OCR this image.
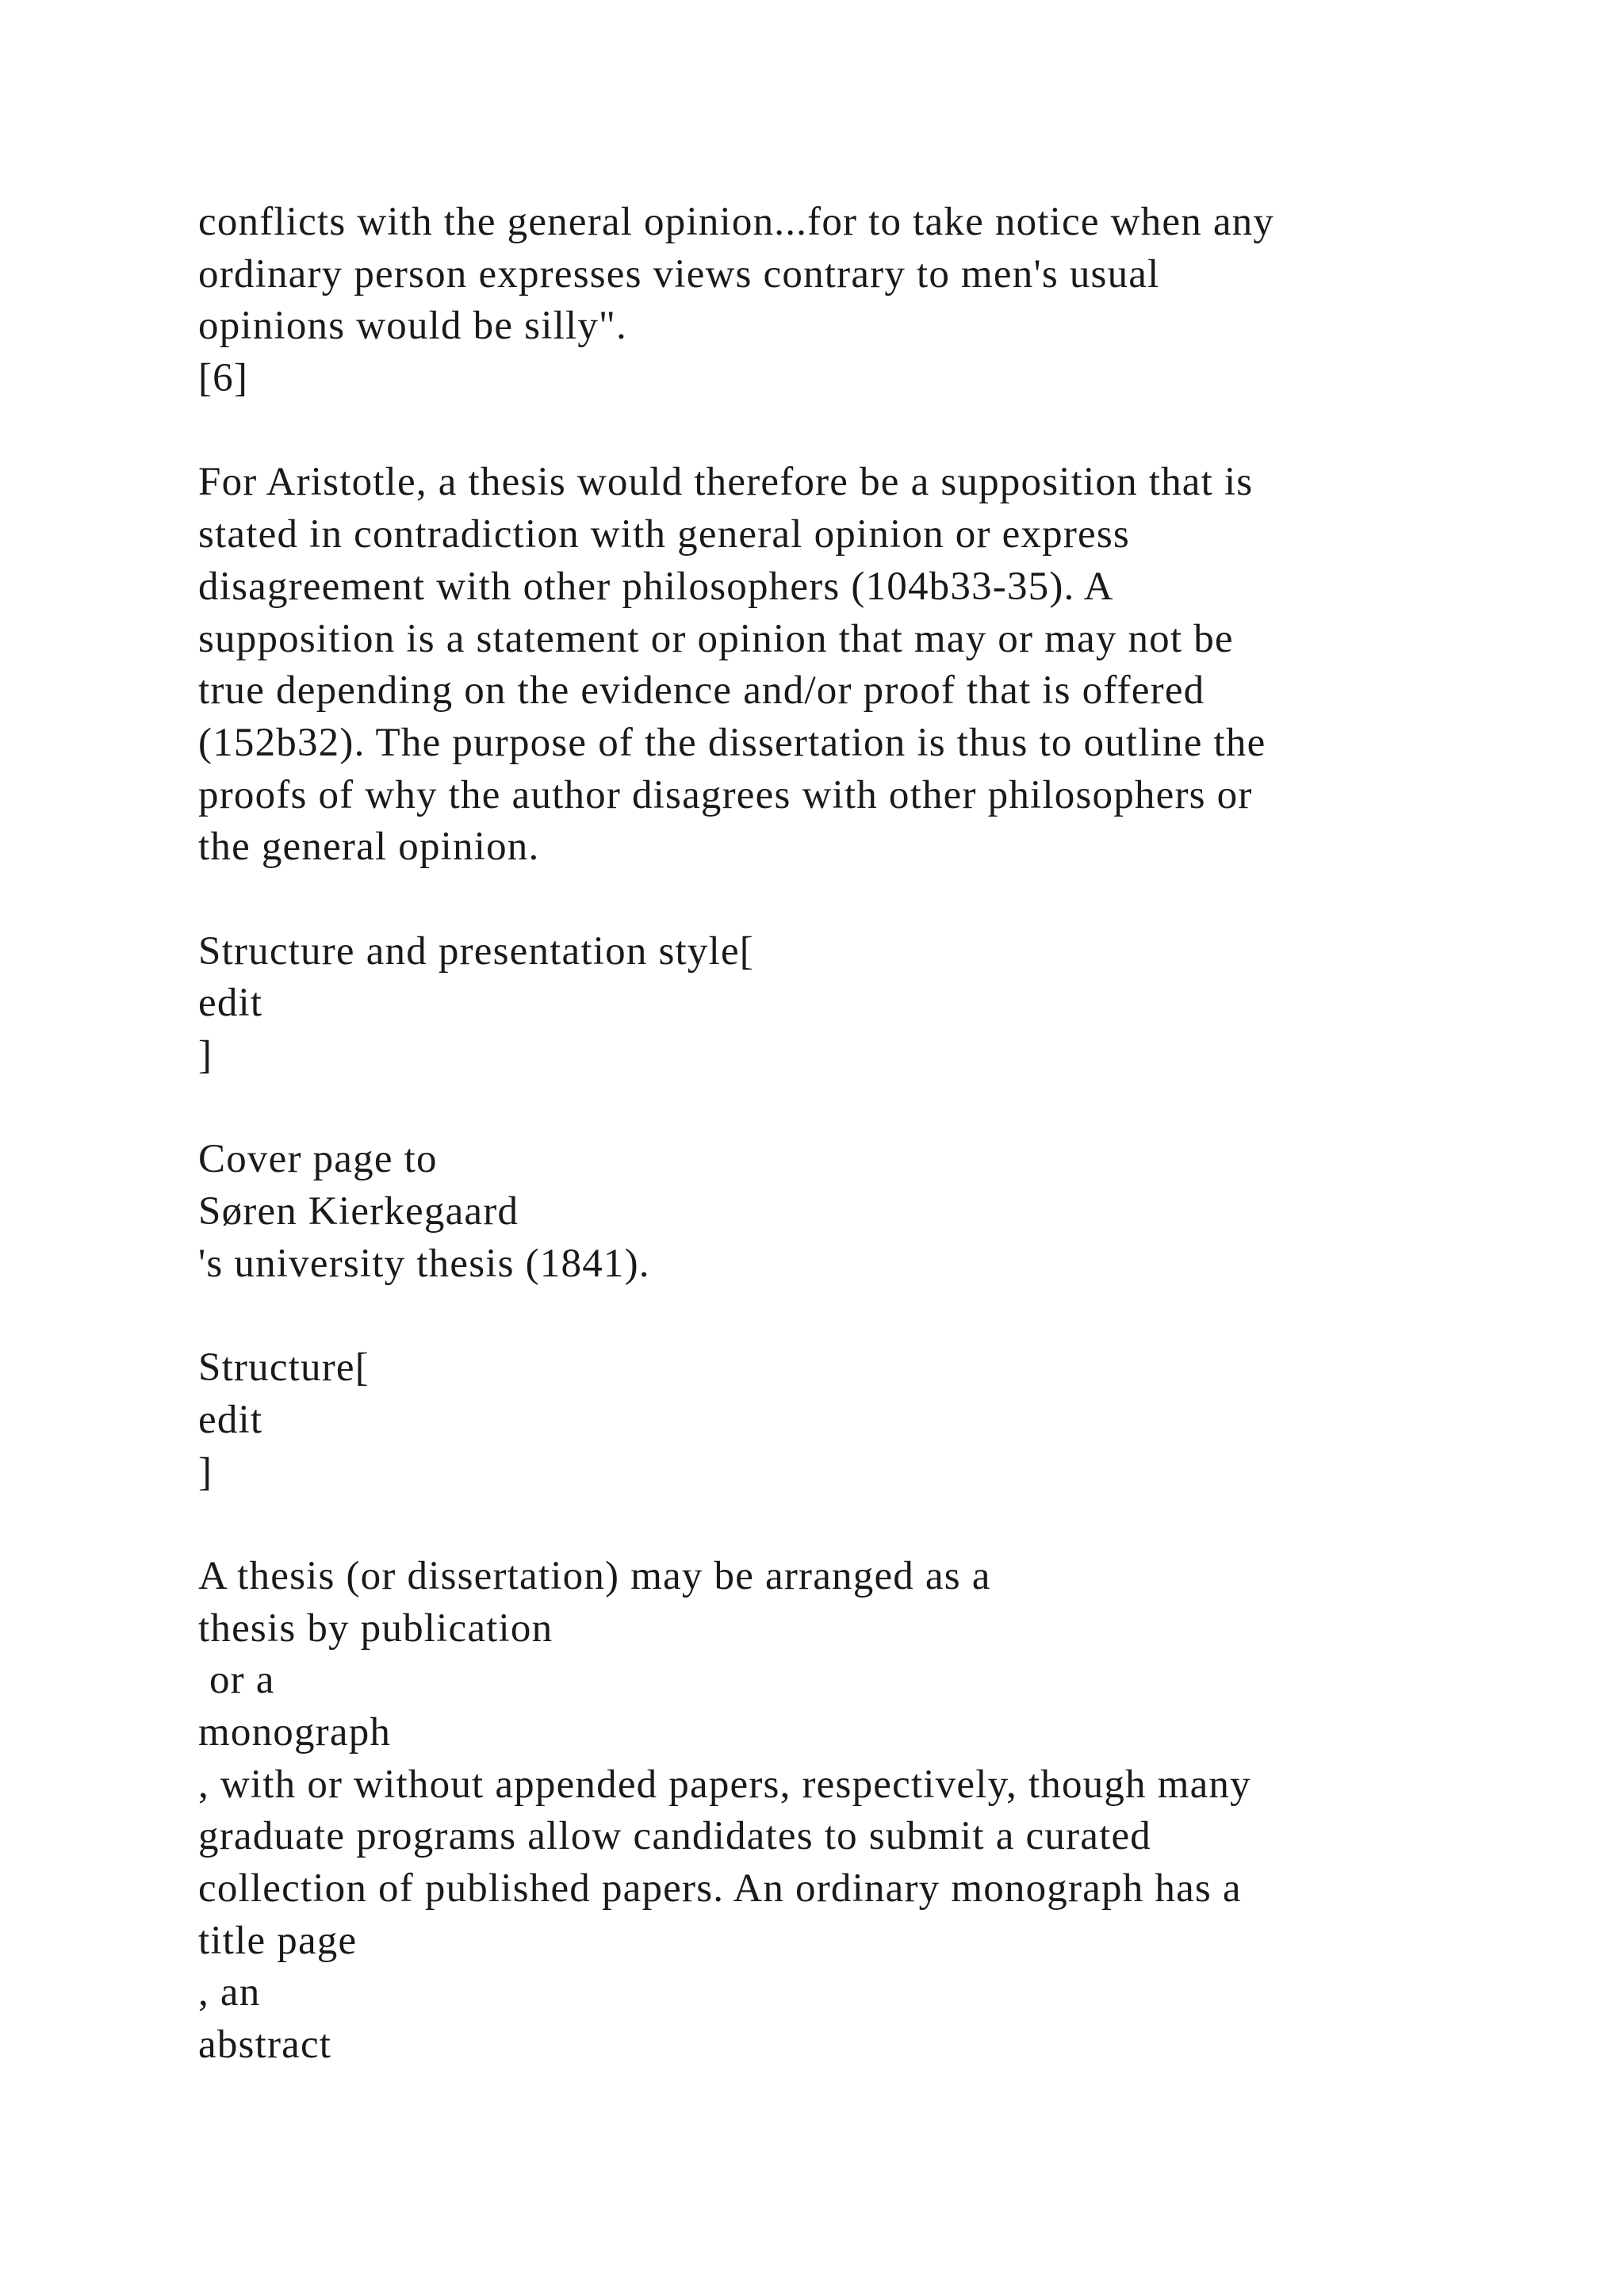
conflicts with the general opinion...for to take notice when any
ordinary person expresses views contrary to men's usual
opinions would be silly".
[6]
For Aristotle, a thesis would therefore be a supposition that is
stated in contradiction with general opinion or express
disagreement with other philosophers (104b33-35). A
supposition is a statement or opinion that may or may not be
true depending on the evidence and/or proof that is offered
(152b32). The purpose of the dissertation is thus to outline the
proofs of why the author disagrees with other philosophers or
the general opinion.
Structure and presentation style[
edit
]
Cover page to
Søren Kierkegaard
's university thesis (1841).
Structure[
edit
]
A thesis (or dissertation) may be arranged as a
thesis by publication
or a
monograph
, with or without appended papers, respectively, though many
graduate programs allow candidates to submit a curated
collection of published papers. An ordinary monograph has a
title page
, an
abstract
